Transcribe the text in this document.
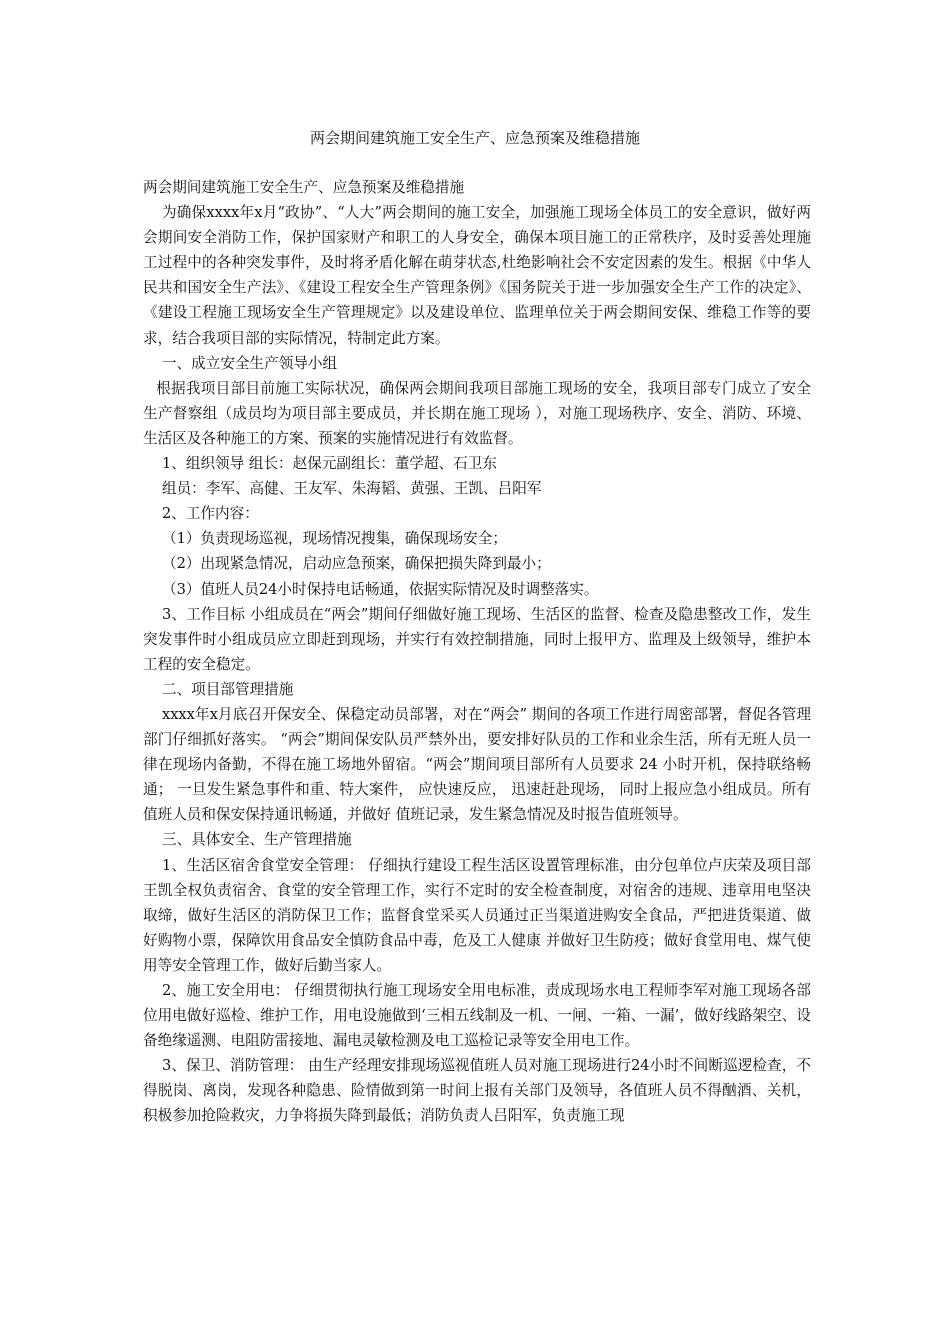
两会期间建筑施工安全生产、应急预案及维稳措施

两会期间建筑施工安全生产、应急预案及维稳措施

为确保xxxx年x月“政协”、“人大”两会期间的施工安全，加强施工现场全体员工的安全意识，做好两会期间安全消防工作，保护国家财产和职工的人身安全，确保本项目施工的正常秩序，及时妥善处理施工过程中的各种突发事件，及时将矛盾化解在萌芽状态,杜绝影响社会不安定因素的发生。根据《中华人民共和国安全生产法》、《建设工程安全生产管理条例》《国务院关于进一步加强安全生产工作的决定》、《建设工程施工现场安全生产管理规定》以及建设单位、监理单位关于两会期间安保、维稳工作等的要求，结合我项目部的实际情况，特制定此方案。

一、成立安全生产领导小组

根据我项目部目前施工实际状况，确保两会期间我项目部施工现场的安全，我项目部专门成立了安全生产督察组（成员均为项目部主要成员，并长期在施工现场 ），对施工现场秩序、安全、消防、环境、生活区及各种施工的方案、预案的实施情况进行有效监督。

1、组织领导 组长：赵保元副组长：董学超、石卫东

组员：李军、高健、王友军、朱海韬、黄强、王凯、吕阳军

2、工作内容：

（1）负责现场巡视，现场情况搜集，确保现场安全；

（2）出现紧急情况，启动应急预案，确保把损失降到最小；

（3）值班人员24小时保持电话畅通，依据实际情况及时调整落实。

3、工作目标 小组成员在“两会”期间仔细做好施工现场、生活区的监督、检查及隐患整改工作，发生突发事件时小组成员应立即赶到现场，并实行有效控制措施，同时上报甲方、监理及上级领导，维护本工程的安全稳定。

二、项目部管理措施

xxxx年x月底召开保安全、保稳定动员部署，对在“两会” 期间的各项工作进行周密部署，督促各管理部门仔细抓好落实。 “两会”期间保安队员严禁外出，要安排好队员的工作和业余生活，所有无班人员一律在现场内备勤，不得在施工场地外留宿。“两会”期间项目部所有人员要求 24 小时开机，保持联络畅通； 一旦发生紧急事件和重、特大案件， 应快速反应， 迅速赶赴现场， 同时上报应急小组成员。所有值班人员和保安保持通讯畅通，并做好 值班记录，发生紧急情况及时报告值班领导。

三、具体安全、生产管理措施

1、生活区宿舍食堂安全管理： 仔细执行建设工程生活区设置管理标准，由分包单位卢庆荣及项目部王凯全权负责宿舍、食堂的安全管理工作，实行不定时的安全检查制度，对宿舍的违规、违章用电坚决取缔，做好生活区的消防保卫工作；监督食堂采买人员通过正当渠道进购安全食品，严把进货渠道、做好购物小票，保障饮用食品安全慎防食品中毒，危及工人健康 并做好卫生防疫；做好食堂用电、煤气使用等安全管理工作，做好后勤当家人。

2、施工安全用电： 仔细贯彻执行施工现场安全用电标准，责成现场水电工程师李军对施工现场各部位用电做好巡检、维护工作，用电设施做到‘三相五线制及一机、一闸、一箱、一漏’，做好线路架空、设备绝缘遥测、电阻防雷接地、漏电灵敏检测及电工巡检记录等安全用电工作。

3、保卫、消防管理： 由生产经理安排现场巡视值班人员对施工现场进行24小时不间断巡逻检查，不得脱岗、离岗，发现各种隐患、险情做到第一时间上报有关部门及领导，各值班人员不得酗酒、关机，积极参加抢险救灾，力争将损失降到最低；消防负责人吕阳军，负责施工现
